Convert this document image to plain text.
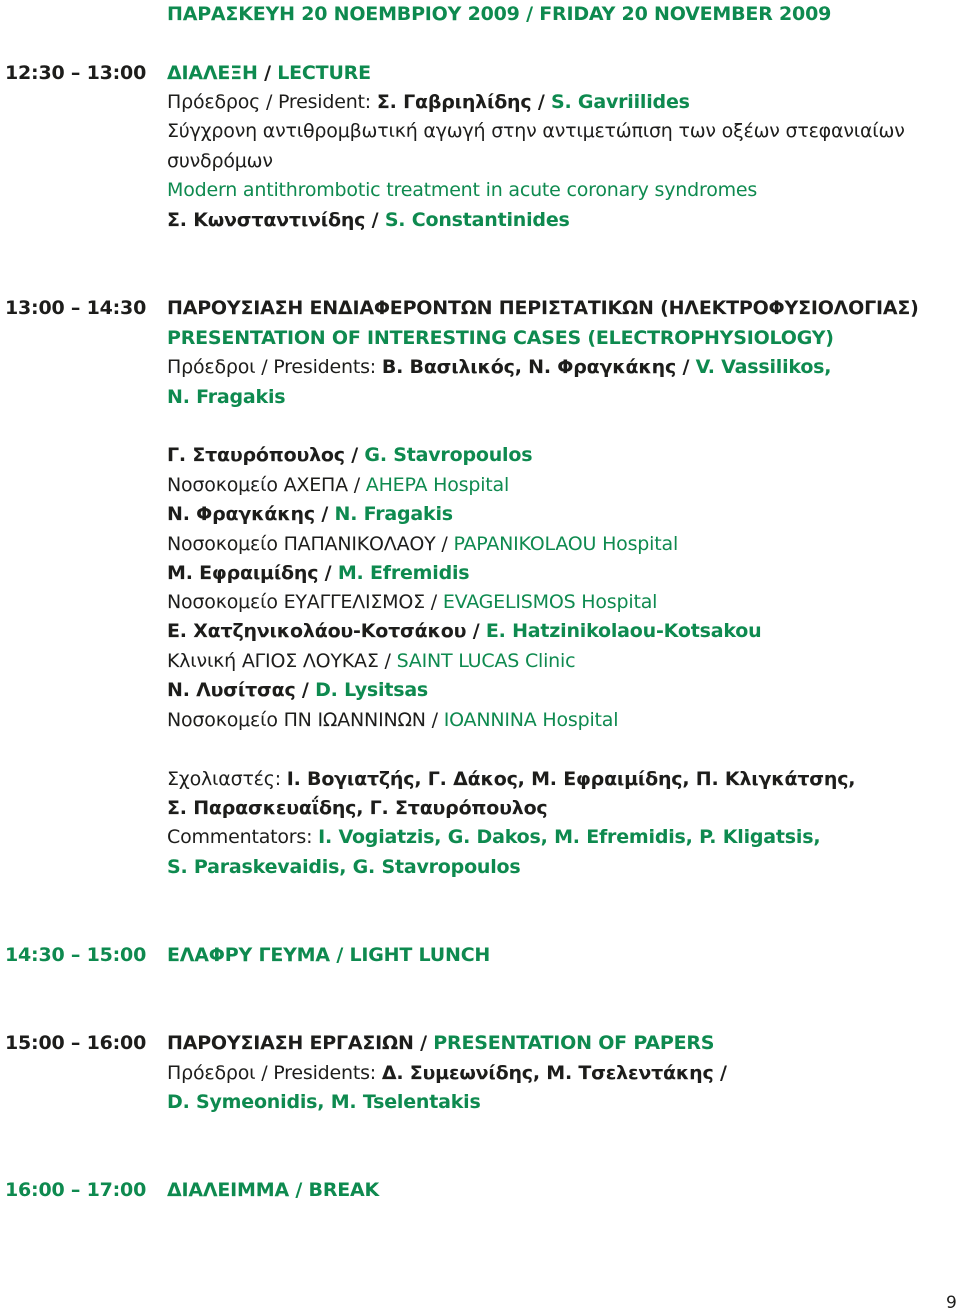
ΠΑΡΑΣΚΕΥΗ 20 ΝΟΕΜΒΡΙΟΥ 2009 / FRIDAY 20 NOVEMBER 2009
12:30 – 13:00 ΔΙΑΛΕΞΗ / LECTURE
Πρόεδρος / President: Σ. Γαβριηλίδης / S. Gavriilides
Σύγχρονη αντιθρομβωτική αγωγή στην αντιμετώπιση των οξέων στεφανιαίων
συνδρόμων
Modern antithrombotic treatment in acute coronary syndromes
Σ. Κωνσταντινίδης / S. Constantinides
13:00 – 14:30 ΠΑΡΟΥΣΙΑΣΗ ΕΝΔΙΑΦΕΡΟΝΤΩΝ ΠΕΡΙΣΤΑΤΙΚΩΝ (ΗΛΕΚΤΡΟΦΥΣΙΟΛΟΓΙΑΣ)
PRESENTATION OF INTERESTING CASES (ELECTROPHYSIOLOGY)
Πρόεδροι / Presidents: Β. Βασιλικός, Ν. Φραγκάκης / V. Vassilikos,
N. Fragakis
Γ. Σταυρόπουλος / G. Stavropoulos
Νοσοκομείο ΑΧΕΠΑ / AHEPA Hospital
Ν. Φραγκάκης / N. Fragakis
Νοσοκομείο ΠΑΠΑΝΙΚΟΛΑΟΥ / PAPANIKOLAOU Hospital
Μ. Εφραιμίδης / M. Efremidis
Νοσοκομείο ΕΥΑΓΓΕΛΙΣΜΟΣ / EVAGELISMOS Hospital
Ε. Χατζηνικολάου-Κοτσάκου / E. Hatzinikolaou-Kotsakou
Κλινική ΑΓΙΟΣ ΛΟΥΚΑΣ / SAINT LUCAS Clinic
Ν. Λυσίτσας / D. Lysitsas
Νοσοκομείο ΠΝ ΙΩΑΝΝΙΝΩΝ / IOANNINA Hospital
Σχολιαστές: Ι. Βογιατζής, Γ. Δάκος, Μ. Εφραιμίδης, Π. Κλιγκάτσης,
Σ. Παρασκευαΐδης, Γ. Σταυρόπουλος
Commentators: I. Vogiatzis, G. Dakos, M. Efremidis, P. Kligatsis,
S. Paraskevaidis, G. Stavropoulos
14:30 – 15:00 ΕΛΑΦΡΥ ΓΕΥΜΑ / LIGHT LUNCH
15:00 – 16:00 ΠΑΡΟΥΣΙΑΣΗ ΕΡΓΑΣΙΩΝ / PRESENTATION OF PAPERS
Πρόεδροι / Presidents: Δ. Συμεωνίδης, Μ. Τσελεντάκης /
D. Symeonidis, M. Tselentakis
16:00 – 17:00 ΔΙΑΛΕΙΜΜΑ / BREAK
9
